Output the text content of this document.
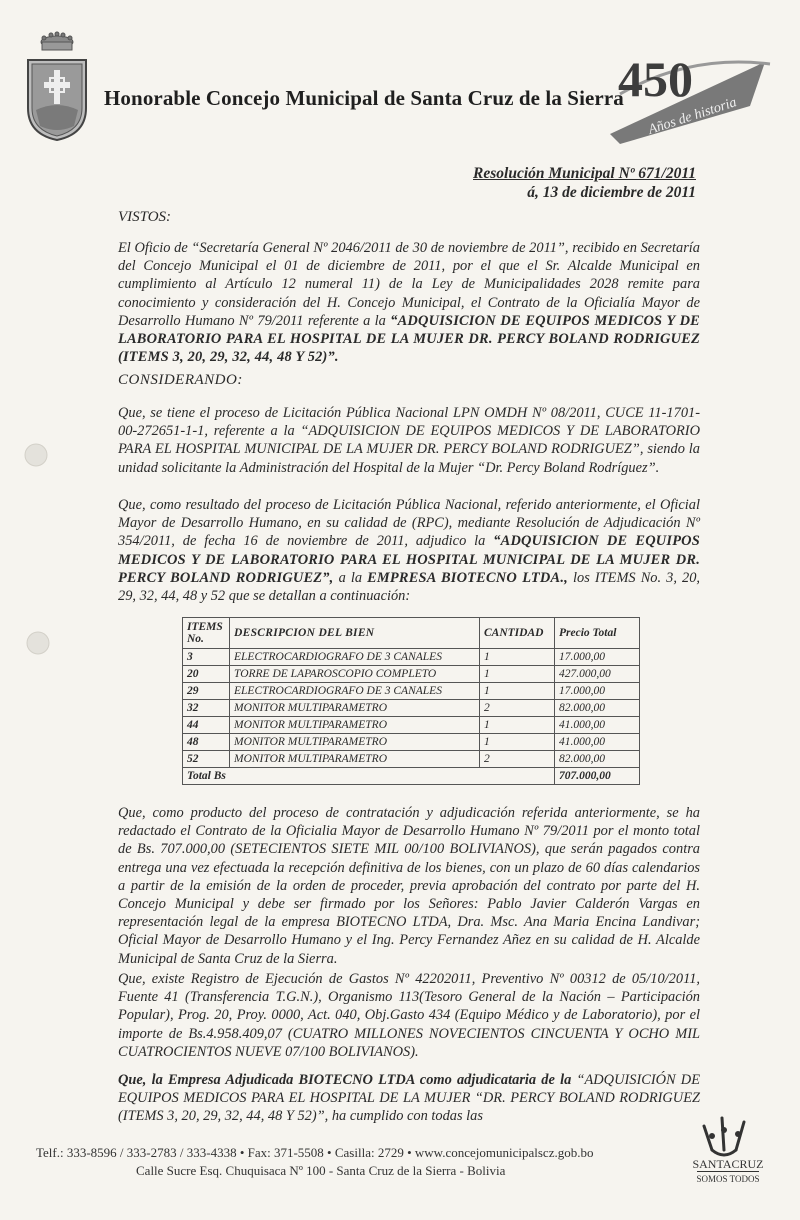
Honorable Concejo Municipal de Santa Cruz de la Sierra
450
Años de historia
Resolución Municipal Nº 671/2011
á, 13 de diciembre de 2011
VISTOS:
El Oficio de “Secretaría General Nº 2046/2011 de 30 de noviembre de 2011”, recibido en Secretaría del Concejo Municipal el 01 de diciembre de 2011, por el que el Sr. Alcalde Municipal en cumplimiento al Artículo 12 numeral 11) de la Ley de Municipalidades 2028 remite para conocimiento y consideración del H. Concejo Municipal, el Contrato de la Oficialía Mayor de Desarrollo Humano Nº 79/2011 referente a la “ADQUISICION DE EQUIPOS MEDICOS Y DE LABORATORIO PARA EL HOSPITAL DE LA MUJER DR. PERCY BOLAND RODRIGUEZ (ITEMS 3, 20, 29, 32, 44, 48 Y 52)”.
CONSIDERANDO:
Que, se tiene el proceso de Licitación Pública Nacional LPN OMDH Nº 08/2011, CUCE 11-1701-00-272651-1-1, referente a la “ADQUISICION DE EQUIPOS MEDICOS Y DE LABORATORIO PARA EL HOSPITAL MUNICIPAL DE LA MUJER DR. PERCY BOLAND RODRIGUEZ”, siendo la unidad solicitante la Administración del Hospital de la Mujer “Dr. Percy Boland Rodríguez”.
Que, como resultado del proceso de Licitación Pública Nacional, referido anteriormente, el Oficial Mayor de Desarrollo Humano, en su calidad de (RPC), mediante Resolución de Adjudicación Nº 354/2011, de fecha 16 de noviembre de 2011, adjudico la “ADQUISICION DE EQUIPOS MEDICOS Y DE LABORATORIO PARA EL HOSPITAL MUNICIPAL DE LA MUJER DR. PERCY BOLAND RODRIGUEZ”, a la EMPRESA BIOTECNO LTDA., los ITEMS No. 3, 20, 29, 32, 44, 48 y 52 que se detallan a continuación:
ITEMS No.	DESCRIPCION DEL BIEN	CANTIDAD	Precio Total
3	ELECTROCARDIOGRAFO DE 3 CANALES	1	17.000,00
20	TORRE DE LAPAROSCOPIO COMPLETO	1	427.000,00
29	ELECTROCARDIOGRAFO DE 3 CANALES	1	17.000,00
32	MONITOR MULTIPARAMETRO	2	82.000,00
44	MONITOR MULTIPARAMETRO	1	41.000,00
48	MONITOR MULTIPARAMETRO	1	41.000,00
52	MONITOR MULTIPARAMETRO	2	82.000,00
Total Bs			707.000,00
Que, como producto del proceso de contratación y adjudicación referida anteriormente, se ha redactado el Contrato de la Oficialia Mayor de Desarrollo Humano Nº 79/2011 por el monto total de Bs. 707.000,00 (SETECIENTOS SIETE MIL 00/100 BOLIVIANOS), que serán pagados contra entrega una vez efectuada la recepción definitiva de los bienes, con un plazo de 60 días calendarios a partir de la emisión de la orden de proceder, previa aprobación del contrato por parte del H. Concejo Municipal y debe ser firmado por los Señores: Pablo Javier Calderón Vargas en representación legal de la empresa BIOTECNO LTDA, Dra. Msc. Ana Maria Encina Landivar; Oficial Mayor de Desarrollo Humano y el Ing. Percy Fernandez Añez en su calidad de H. Alcalde Municipal de Santa Cruz de la Sierra.
Que, existe Registro de Ejecución de Gastos Nº 42202011, Preventivo Nº 00312 de 05/10/2011, Fuente 41 (Transferencia T.G.N.), Organismo 113(Tesoro General de la Nación – Participación Popular), Prog. 20, Proy. 0000, Act. 040, Obj.Gasto 434 (Equipo Médico y de Laboratorio), por el importe de Bs.4.958.409,07 (CUATRO MILLONES NOVECIENTOS CINCUENTA Y OCHO MIL CUATROCIENTOS NUEVE 07/100 BOLIVIANOS).
Que, la Empresa Adjudicada BIOTECNO LTDA como adjudicataria de la “ADQUISICIÓN DE EQUIPOS MEDICOS PARA EL HOSPITAL DE LA MUJER “DR. PERCY BOLAND RODRIGUEZ (ITEMS 3, 20, 29, 32, 44, 48 Y 52)”, ha cumplido con todas las
Telf.: 333-8596 / 333-2783 / 333-4338 • Fax: 371-5508 • Casilla: 2729 • www.concejomunicipalscz.gob.bo
Calle Sucre Esq. Chuquisaca Nº 100 - Santa Cruz de la Sierra - Bolivia	SANTACRUZ
SOMOS TODOS
